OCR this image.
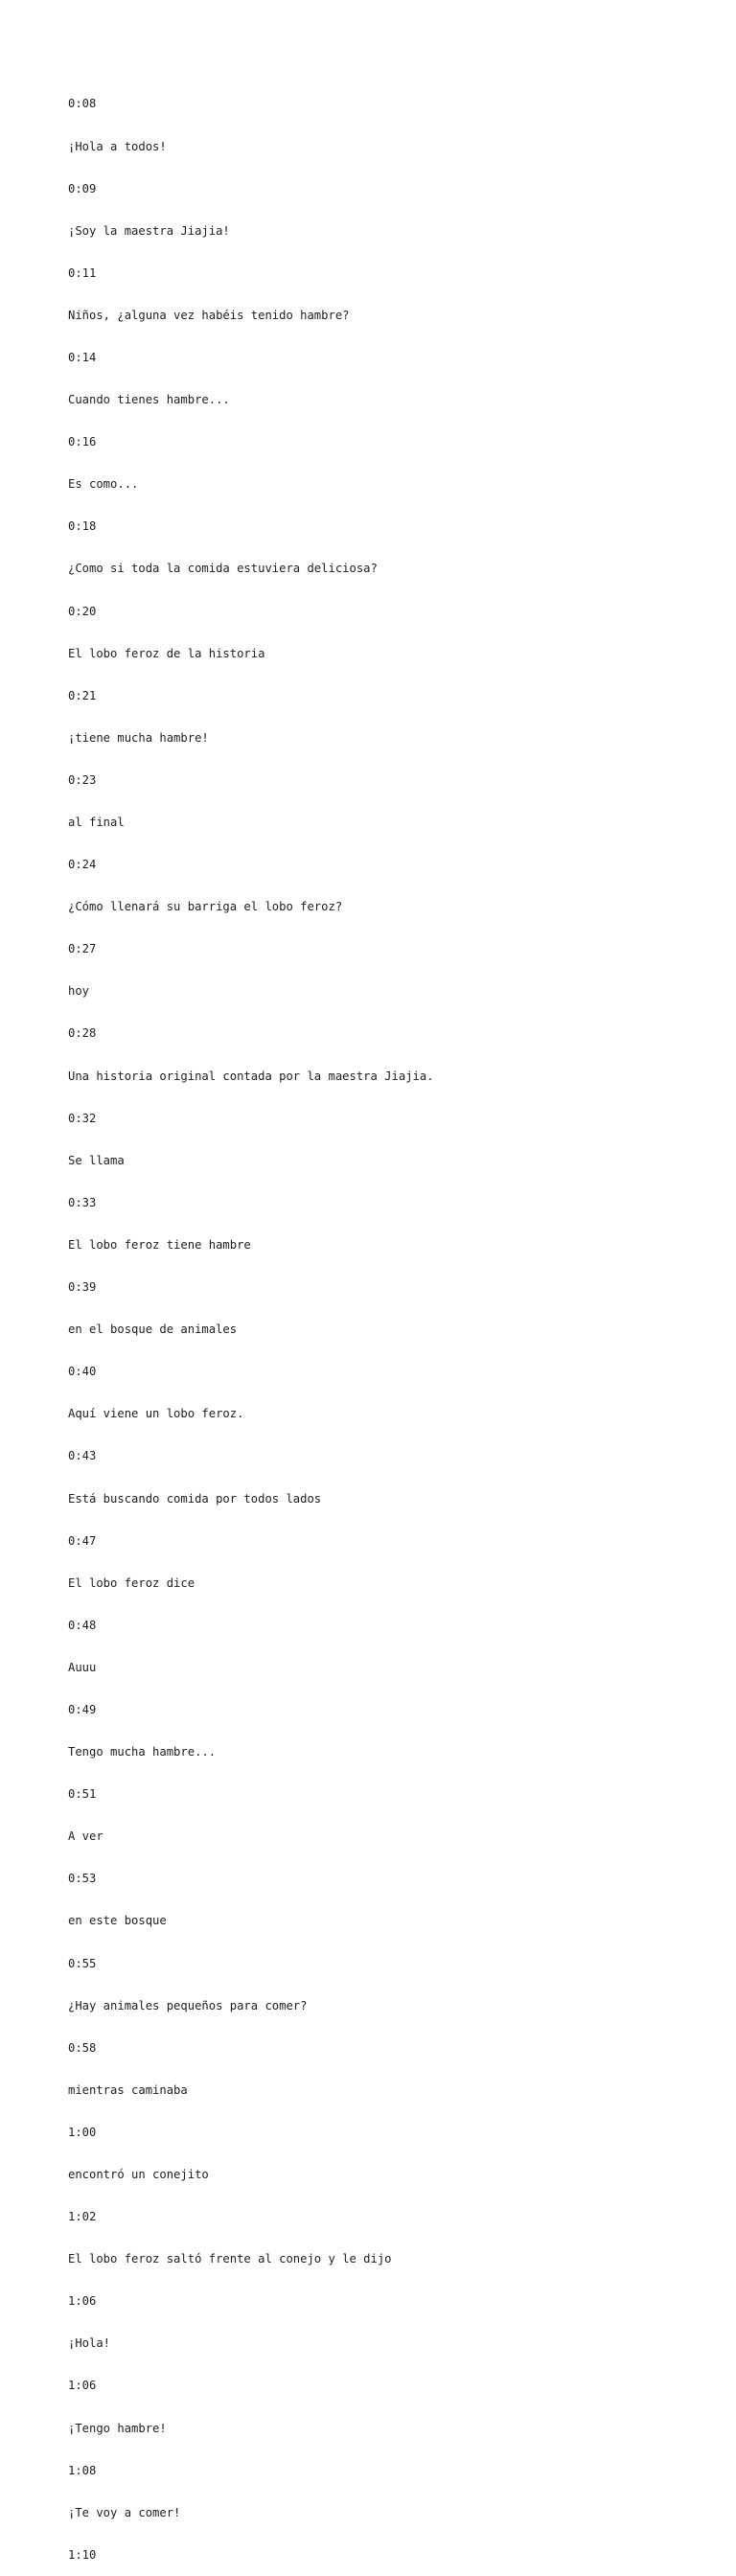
0:08

¡Hola a todos!

0:09

¡Soy la maestra Jiajia!

0:11

Niños, ¿alguna vez habéis tenido hambre?

0:14

Cuando tienes hambre...

0:16

Es como...

0:18

¿Como si toda la comida estuviera deliciosa?

0:20

El lobo feroz de la historia

0:21

¡tiene mucha hambre!

0:23

al final

0:24

¿Cómo llenará su barriga el lobo feroz?

0:27

hoy

0:28

Una historia original contada por la maestra Jiajia.

0:32

Se llama

0:33

El lobo feroz tiene hambre

0:39

en el bosque de animales

0:40

Aquí viene un lobo feroz.

0:43

Está buscando comida por todos lados

0:47

El lobo feroz dice

0:48

Auuu

0:49

Tengo mucha hambre...

0:51

A ver

0:53

en este bosque

0:55

¿Hay animales pequeños para comer?

0:58

mientras caminaba

1:00

encontró un conejito

1:02

El lobo feroz saltó frente al conejo y le dijo

1:06

¡Hola!

1:06

¡Tengo hambre!

1:08

¡Te voy a comer!

1:10
